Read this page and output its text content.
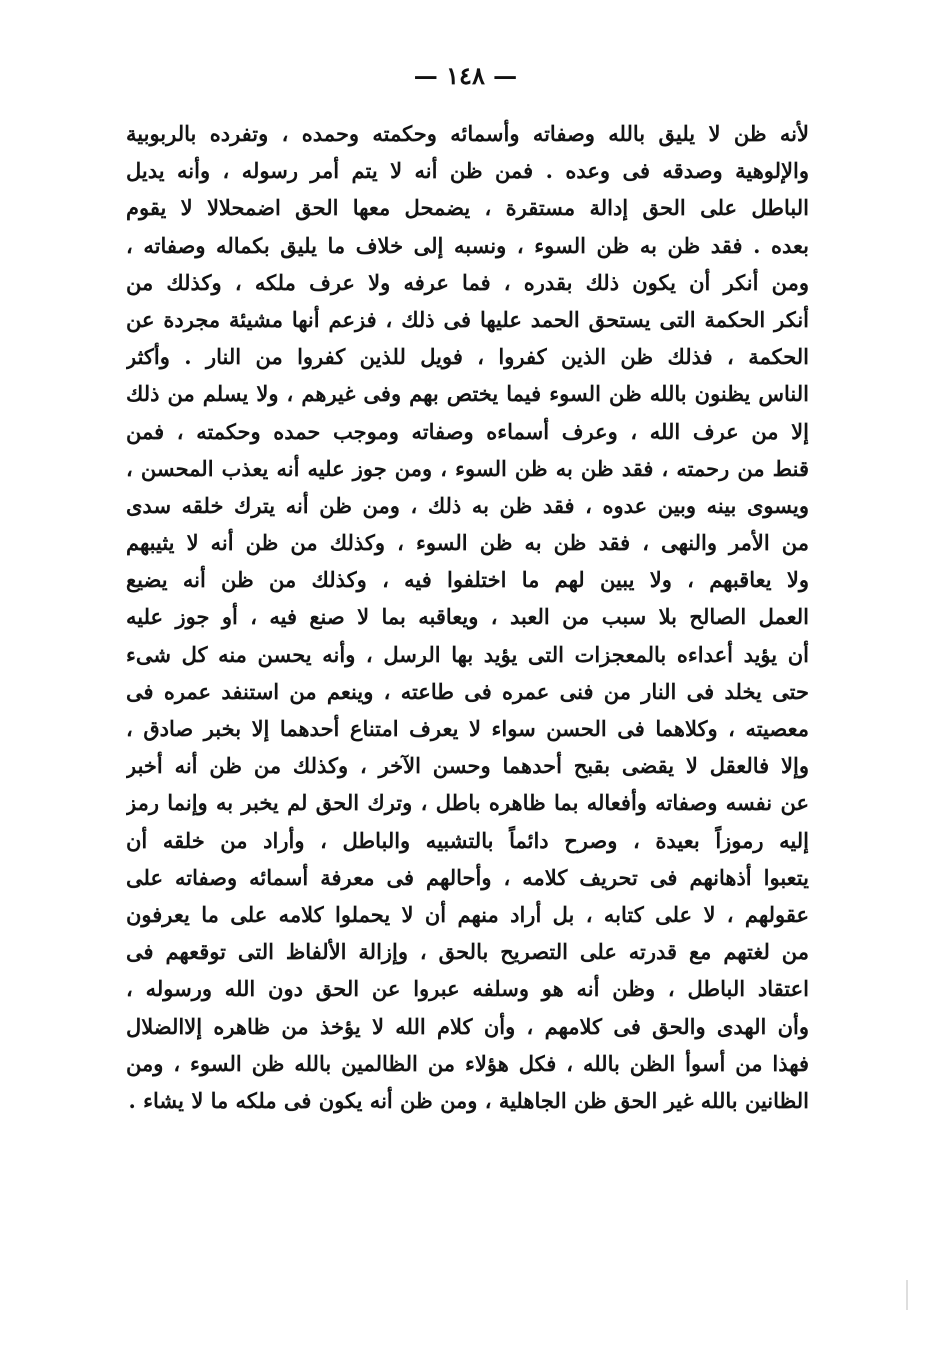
— ١٤٨ —
لأنه ظن لا يليق بالله وصفاته وأسمائه وحكمته وحمده ، وتفرده بالربوبية
والإلوهية وصدقه فى وعده . فمن ظن أنه لا يتم أمر رسوله ، وأنه يديل
الباطل على الحق إدالة مستقرة ، يضمحل معها الحق اضمحلالا لا يقوم
بعده . فقد ظن به ظن السوء ، ونسبه إلى خلاف ما يليق بكماله وصفاته ،
ومن أنكر أن يكون ذلك بقدره ، فما عرفه ولا عرف ملكه ، وكذلك من
أنكر الحكمة التى يستحق الحمد عليها فى ذلك ، فزعم أنها مشيئة مجردة عن
الحكمة ، فذلك ظن الذين كفروا ، فويل للذين كفروا من النار . وأكثر
الناس يظنون بالله ظن السوء فيما يختص بهم وفى غيرهم ، ولا يسلم من ذلك
إلا من عرف الله ، وعرف أسماءه وصفاته وموجب حمده وحكمته ، فمن
قنط من رحمته ، فقد ظن به ظن السوء ، ومن جوز عليه أنه يعذب المحسن ،
ويسوى بينه وبين عدوه ، فقد ظن به ذلك ، ومن ظن أنه يترك خلقه سدى
من الأمر والنهى ، فقد ظن به ظن السوء ، وكذلك من ظن أنه لا يثيبهم
ولا يعاقبهم ، ولا يبين لهم ما اختلفوا فيه ، وكذلك من ظن أنه يضيع
العمل الصالح بلا سبب من العبد ، ويعاقبه بما لا صنع فيه ، أو جوز عليه
أن يؤيد أعداءه بالمعجزات التى يؤيد بها الرسل ، وأنه يحسن منه كل شىء
حتى يخلد فى النار من فنى عمره فى طاعته ، وينعم من استنفد عمره فى
معصيته ، وكلاهما فى الحسن سواء لا يعرف امتناع أحدهما إلا بخبر صادق ،
وإلا فالعقل لا يقضى بقبح أحدهما وحسن الآخر ، وكذلك من ظن أنه أخبر
عن نفسه وصفاته وأفعاله بما ظاهره باطل ، وترك الحق لم يخبر به وإنما رمز
إليه رموزاً بعيدة ، وصرح دائماً بالتشبيه والباطل ، وأراد من خلقه أن
يتعبوا أذهانهم فى تحريف كلامه ، وأحالهم فى معرفة أسمائه وصفاته على
عقولهم ، لا على كتابه ، بل أراد منهم أن لا يحملوا كلامه على ما يعرفون
من لغتهم مع قدرته على التصريح بالحق ، وإزالة الألفاظ التى توقعهم فى
اعتقاد الباطل ، وظن أنه هو وسلفه عبروا عن الحق دون الله ورسوله ،
وأن الهدى والحق فى كلامهم ، وأن كلام الله لا يؤخذ من ظاهره إلاالضلال
فهذا من أسوأ الظن بالله ، فكل هؤلاء من الظالمين بالله ظن السوء ، ومن
الظانين بالله غير الحق ظن الجاهلية ، ومن ظن أنه يكون فى ملكه ما لا يشاء .
